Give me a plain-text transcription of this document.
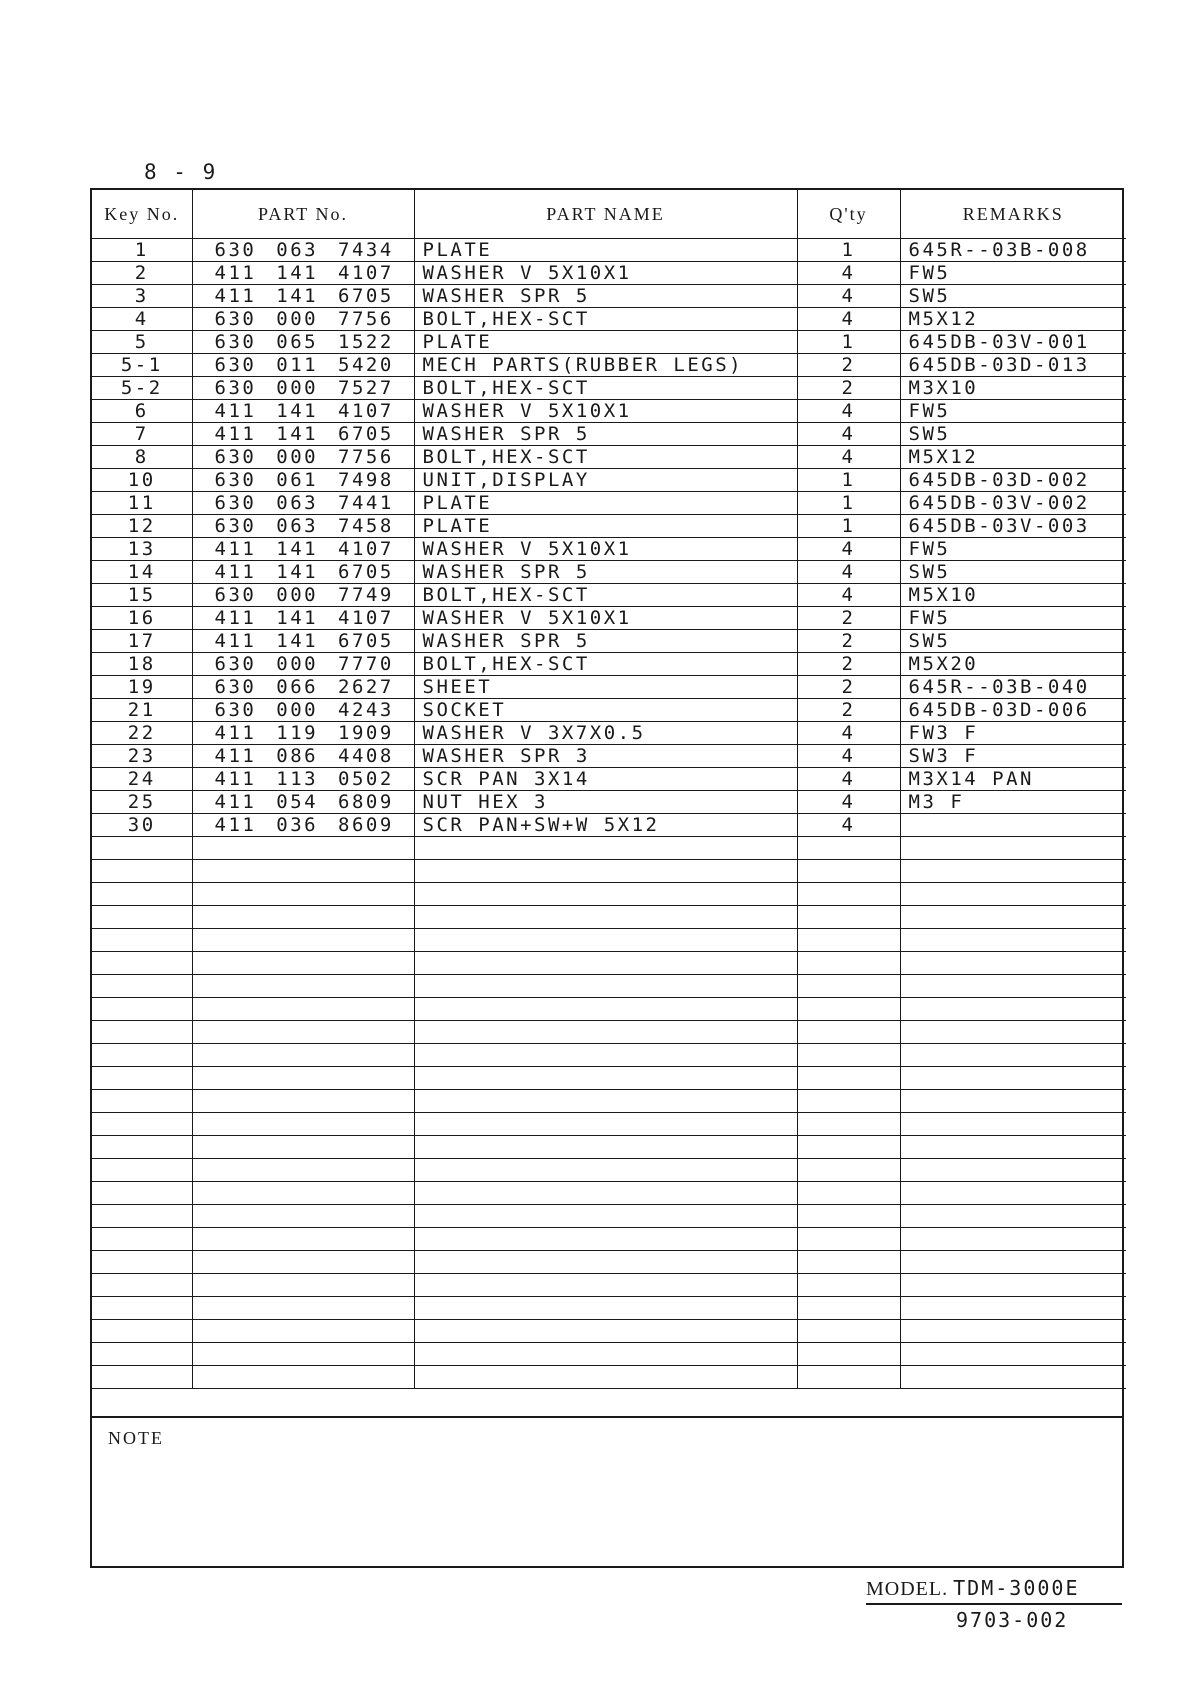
8 - 9
Key No.	PART No.	PART NAME	Q'ty	REMARKS
1	630 063 7434	PLATE	1	645R--03B-008
2	411 141 4107	WASHER V 5X10X1	4	FW5
3	411 141 6705	WASHER SPR 5	4	SW5
4	630 000 7756	BOLT,HEX-SCT	4	M5X12
5	630 065 1522	PLATE	1	645DB-03V-001
5-1	630 011 5420	MECH PARTS(RUBBER LEGS)	2	645DB-03D-013
5-2	630 000 7527	BOLT,HEX-SCT	2	M3X10
6	411 141 4107	WASHER V 5X10X1	4	FW5
7	411 141 6705	WASHER SPR 5	4	SW5
8	630 000 7756	BOLT,HEX-SCT	4	M5X12
10	630 061 7498	UNIT,DISPLAY	1	645DB-03D-002
11	630 063 7441	PLATE	1	645DB-03V-002
12	630 063 7458	PLATE	1	645DB-03V-003
13	411 141 4107	WASHER V 5X10X1	4	FW5
14	411 141 6705	WASHER SPR 5	4	SW5
15	630 000 7749	BOLT,HEX-SCT	4	M5X10
16	411 141 4107	WASHER V 5X10X1	2	FW5
17	411 141 6705	WASHER SPR 5	2	SW5
18	630 000 7770	BOLT,HEX-SCT	2	M5X20
19	630 066 2627	SHEET	2	645R--03B-040
21	630 000 4243	SOCKET	2	645DB-03D-006
22	411 119 1909	WASHER V 3X7X0.5	4	FW3 F
23	411 086 4408	WASHER SPR 3	4	SW3 F
24	411 113 0502	SCR PAN 3X14	4	M3X14 PAN
25	411 054 6809	NUT HEX 3	4	M3 F
30	411 036 8609	SCR PAN+SW+W 5X12	4	

NOTE
MODEL. TDM-3000E
9703-002
